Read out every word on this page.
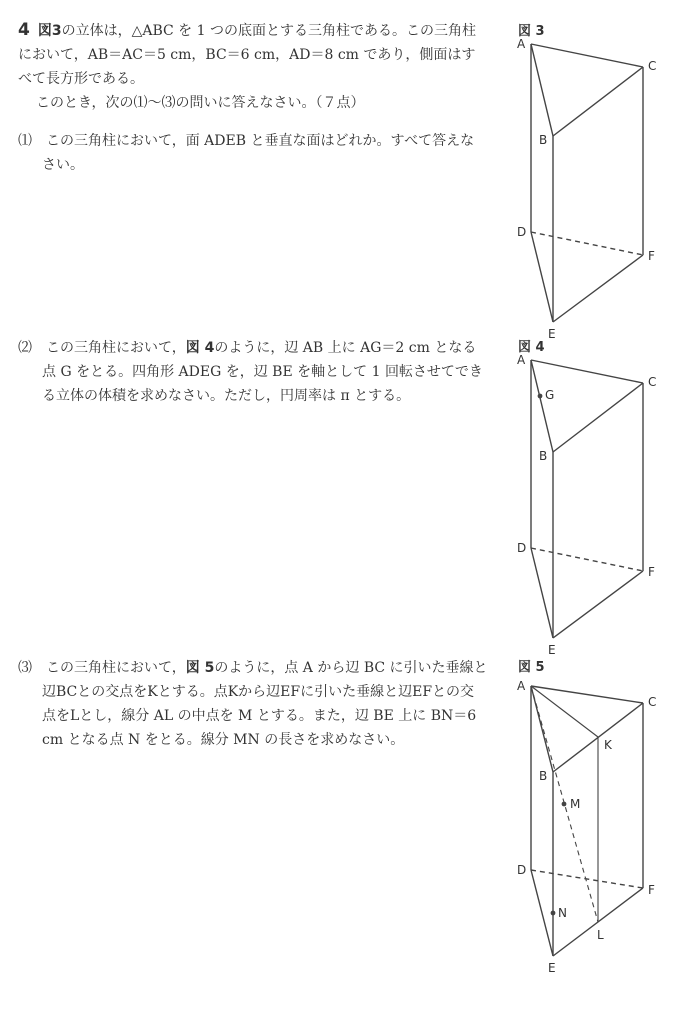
4 図3の立体は，△ABC を 1 つの底面とする三角柱である。この三角柱において，AB＝AC＝5 cm，BC＝6 cm，AD＝8 cm であり，側面はすべて長方形である。

このとき，次の⑴〜⑶の問いに答えなさい。（７点）

⑴　 この三角柱において，面 ADEB と垂直な面はどれか。すべて答えなさい。

⑵　 この三角柱において，図 4のように，辺 AB 上に AG＝2 cm となる点 G をとる。四角形 ADEG を，辺 BE を軸として 1 回転させてできる立体の体積を求めなさい。ただし，円周率は π とする。

⑶　 この三角柱において，図 5のように，点 A から辺 BC に引いた垂線と辺BCとの交点をKとする。点Kから辺EFに引いた垂線と辺EFとの交点をLとし，線分 AL の中点を M とする。また，辺 BE 上に BN＝6 cm となる点 N をとる。線分 MN の長さを求めなさい。

図 3
A
C
B
D
F
E
図 4
A
G
C
B
D
F
E
図 5
A
C
K
B
M
D
F
N
L
E
